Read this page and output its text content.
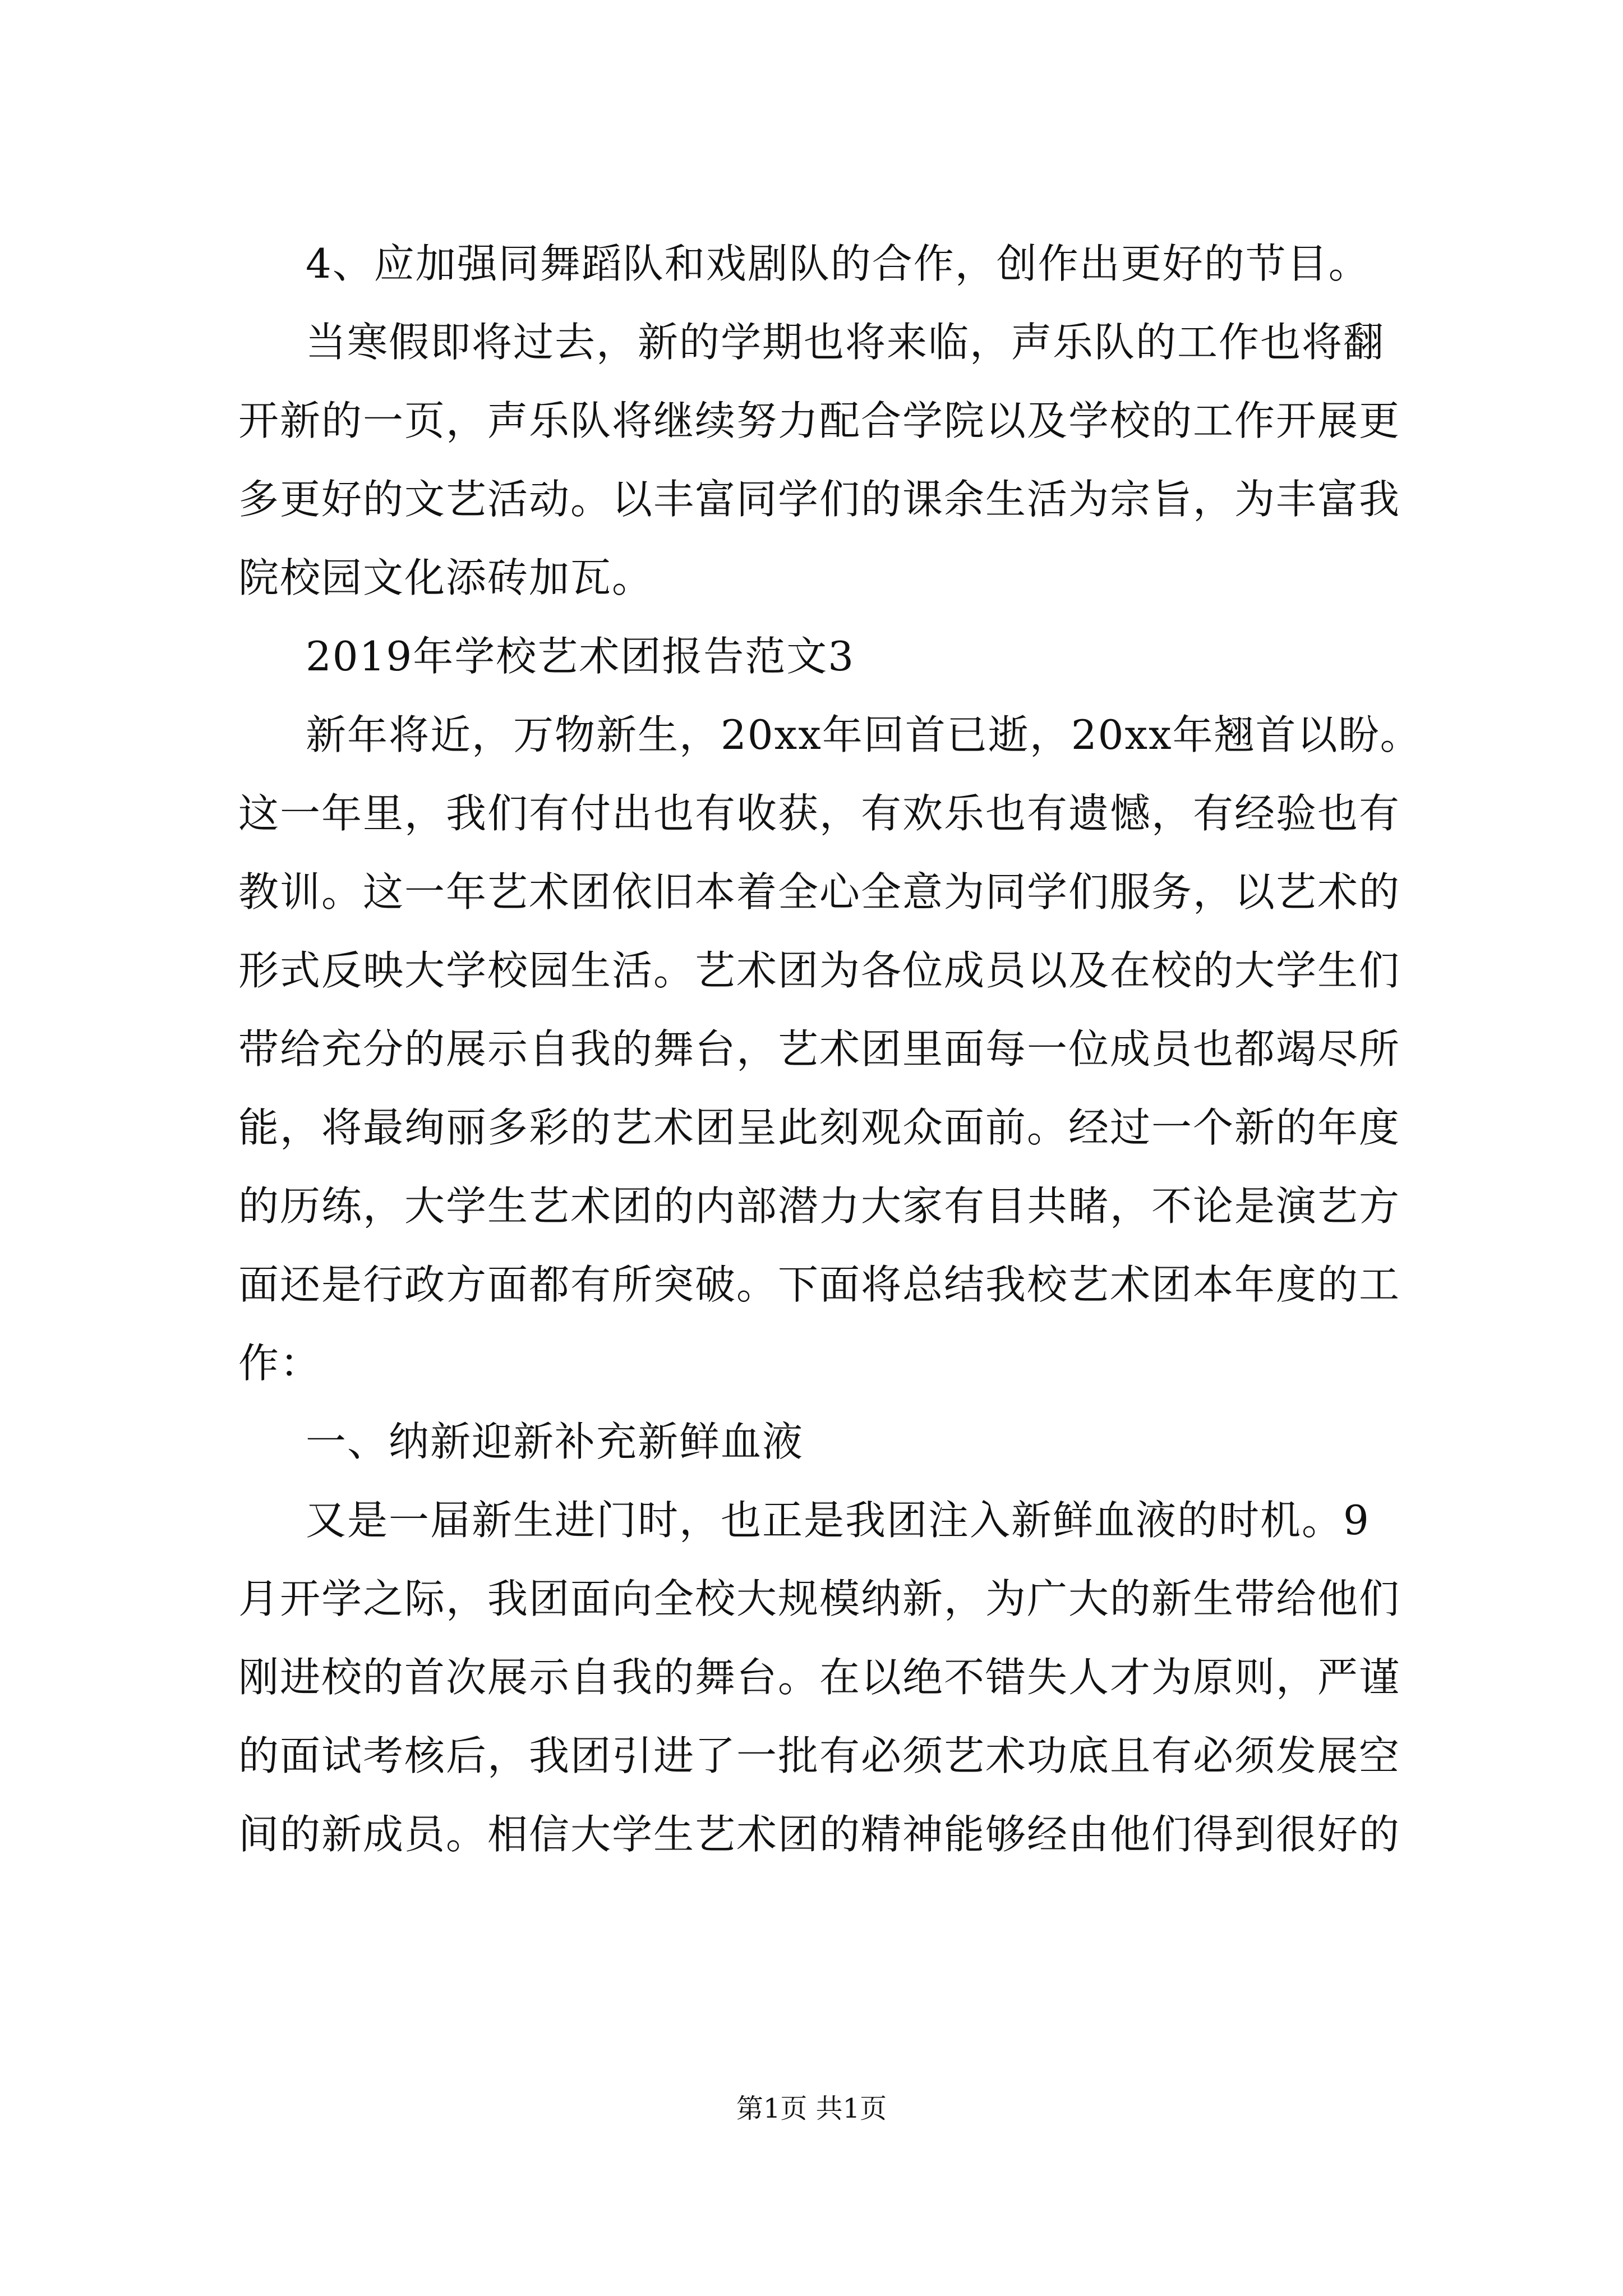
4、应加强同舞蹈队和戏剧队的合作，创作出更好的节目。
当寒假即将过去，新的学期也将来临，声乐队的工作也将翻
开新的一页，声乐队将继续努力配合学院以及学校的工作开展更
多更好的文艺活动。以丰富同学们的课余生活为宗旨，为丰富我
院校园文化添砖加瓦。
2019年学校艺术团报告范文3
新年将近，万物新生，20xx年回首已逝，20xx年翘首以盼。
这一年里，我们有付出也有收获，有欢乐也有遗憾，有经验也有
教训。这一年艺术团依旧本着全心全意为同学们服务，以艺术的
形式反映大学校园生活。艺术团为各位成员以及在校的大学生们
带给充分的展示自我的舞台，艺术团里面每一位成员也都竭尽所
能，将最绚丽多彩的艺术团呈此刻观众面前。经过一个新的年度
的历练，大学生艺术团的内部潜力大家有目共睹，不论是演艺方
面还是行政方面都有所突破。下面将总结我校艺术团本年度的工
作：
一、纳新迎新补充新鲜血液
又是一届新生进门时，也正是我团注入新鲜血液的时机。9
月开学之际，我团面向全校大规模纳新，为广大的新生带给他们
刚进校的首次展示自我的舞台。在以绝不错失人才为原则，严谨
的面试考核后，我团引进了一批有必须艺术功底且有必须发展空
间的新成员。相信大学生艺术团的精神能够经由他们得到很好的
第1页 共1页
